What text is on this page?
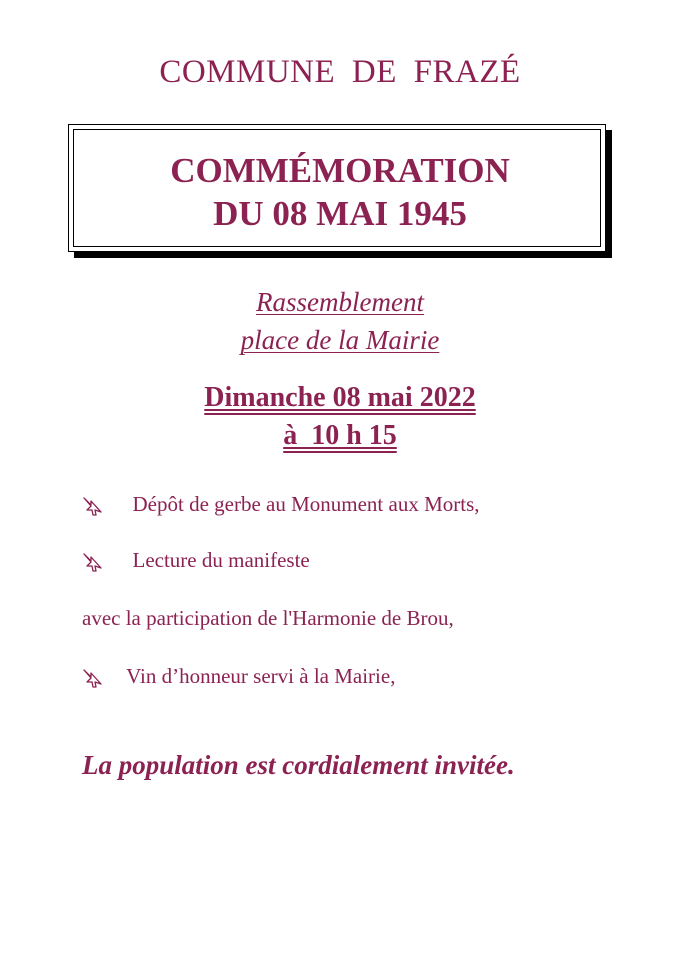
COMMUNE DE FRAZÉ
COMMÉMORATION
DU 08 MAI 1945
Rassemblement
place de la Mairie
Dimanche 08 mai 2022
à  10 h 15
Dépôt de gerbe au Monument aux Morts,
Lecture du manifeste
avec la participation de l'Harmonie de Brou,
Vin d’honneur servi à la Mairie,
La population est cordialement invitée.
